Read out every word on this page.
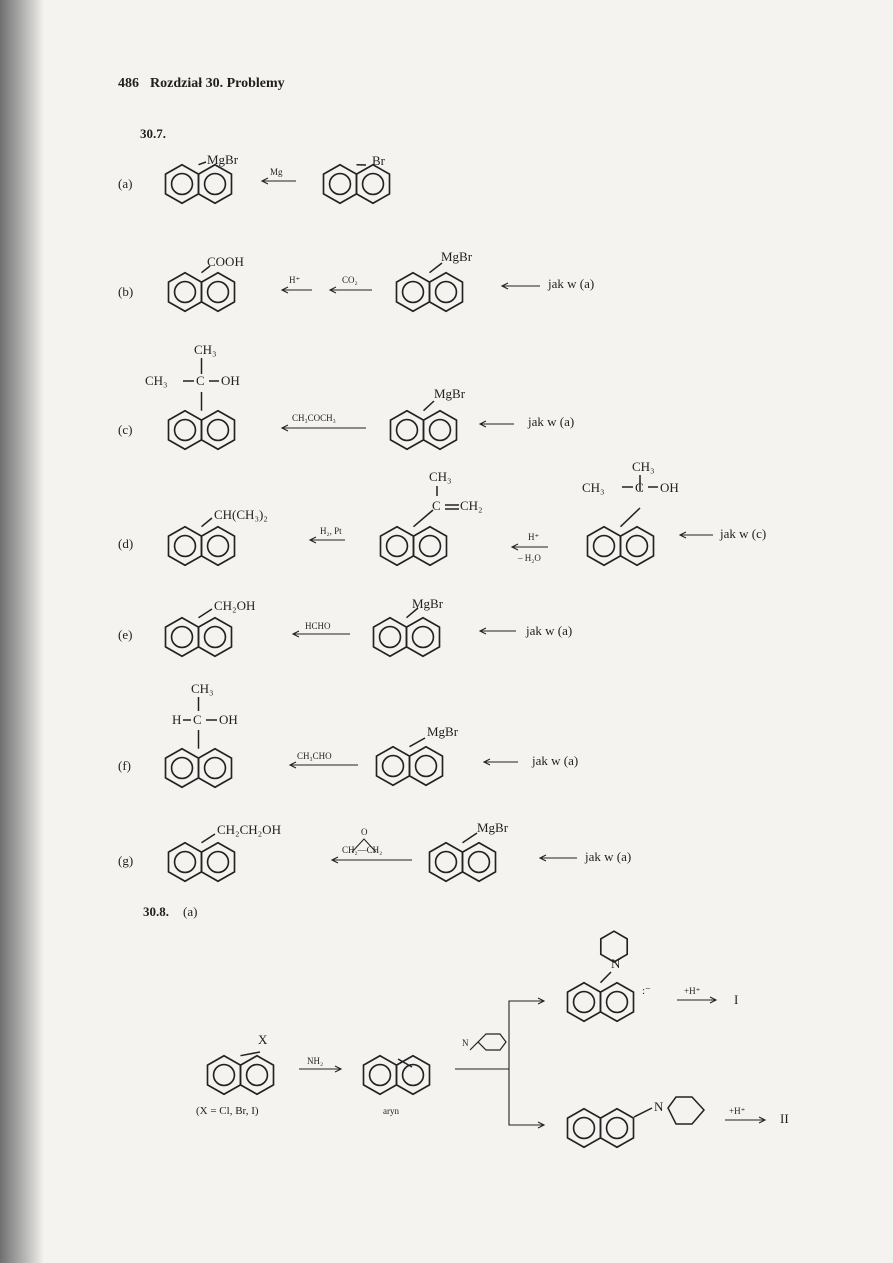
486 Rozdział 30. Problemy
30.7.
(a)
MgBr
Mg
Br
(b)
COOH
H⁺	CO₂
MgBr
jak w (a)
CH₃
CH₃ C OH
(c)
CH₃COCH₃
MgBr
jak w (a)
(d)
CH(CH₃)₂
H₂, Pt
CH₃
C CH₂
H⁺
– H₂O
CH₃
CH₃ C OH
jak w (c)
(e)
CH₂OH
HCHO
MgBr
jak w (a)
CH₃
H C OH
(f)
CH₃CHO
MgBr
jak w (a)
(g)
CH₂CH₂OH	O
CH₂—CH₂
MgBr
jak w (a)
30.8. (a)
X
(X = Cl, Br, I)
NH₂
aryn
N
N
:⁻	+H⁺
I
N	+H⁺	II
